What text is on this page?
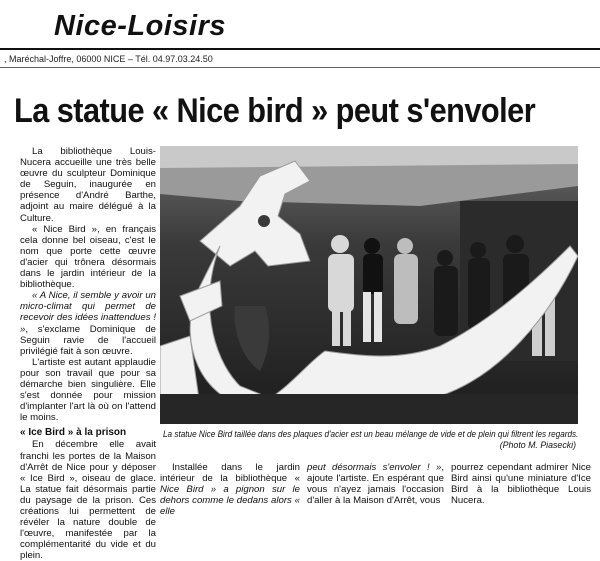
Nice-Loisirs
, Maréchal-Joffre, 06000 NICE – Tél. 04.97.03.24.50
La statue « Nice bird » peut s'envoler

La bibliothèque Louis-Nucera accueille une très belle œuvre du sculpteur Dominique de Seguin, inaugurée en présence d'André Barthe, adjoint au maire délégué à la Culture.

« Nice Bird », en français cela donne bel oiseau, c'est le nom que porte cette œuvre d'acier qui trônera désormais dans le jardin intérieur de la bibliothèque.

« A Nice, il semble y avoir un micro-climat qui permet de recevoir des idées inattendues ! », s'exclame Dominique de Seguin ravie de l'accueil privilégié fait à son œuvre.

L'artiste est autant applaudie pour son travail que pour sa démarche bien singulière. Elle s'est donnée pour mission d'implanter l'art là où on l'attend le moins.

« Ice Bird » à la prison

En décembre elle avait franchi les portes de la Maison d'Arrêt de Nice pour y déposer « Ice Bird », oiseau de glace. La statue fait désormais partie du paysage de la prison. Ces créations lui permettent de révéler la nature double de l'œuvre, manifestée par la complémentarité du vide et du plein.

La statue Nice Bird taillée dans des plaques d'acier est un beau mélange de vide et de plein qui filtrent les regards.
(Photo M. Piasecki)

Installée dans le jardin intérieur de la bibliothèque « Nice Bird » a pignon sur le dehors comme le dedans alors « elle

peut désormais s'envoler ! », ajoute l'artiste. En espérant que vous n'ayez jamais l'occasion d'aller à la Maison d'Arrêt, vous

pourrez cependant admirer Nice Bird ainsi qu'une miniature d'Ice Bird à la bibliothèque Louis Nucera.
